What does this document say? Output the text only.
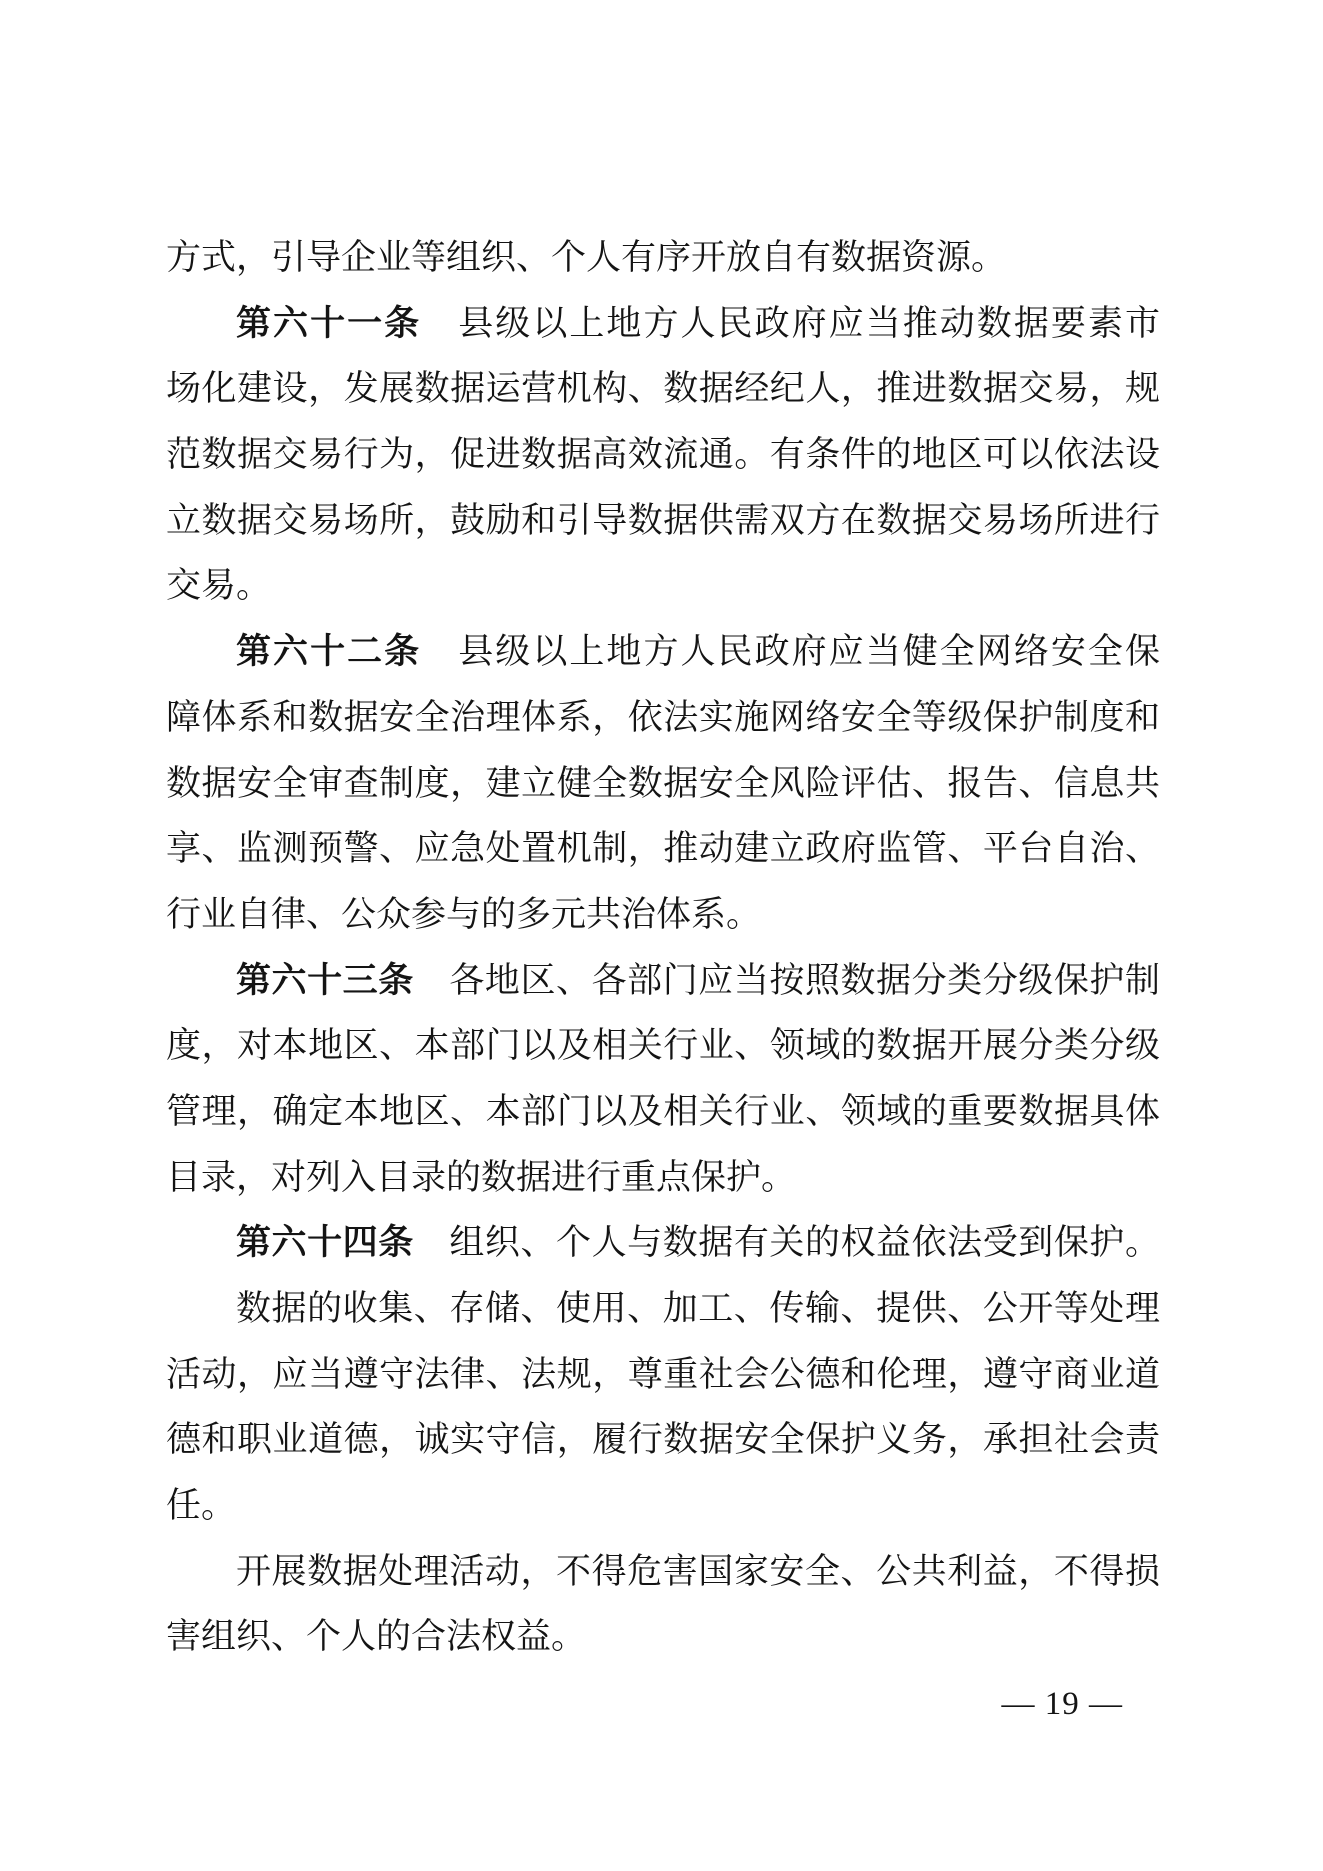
方式，引导企业等组织、个人有序开放自有数据资源。
第六十一条　县级以上地方人民政府应当推动数据要素市
场化建设，发展数据运营机构、数据经纪人，推进数据交易，规
范数据交易行为，促进数据高效流通。有条件的地区可以依法设
立数据交易场所，鼓励和引导数据供需双方在数据交易场所进行
交易。
第六十二条　县级以上地方人民政府应当健全网络安全保
障体系和数据安全治理体系，依法实施网络安全等级保护制度和
数据安全审查制度，建立健全数据安全风险评估、报告、信息共
享、监测预警、应急处置机制，推动建立政府监管、平台自治、
行业自律、公众参与的多元共治体系。
第六十三条　各地区、各部门应当按照数据分类分级保护制
度，对本地区、本部门以及相关行业、领域的数据开展分类分级
管理，确定本地区、本部门以及相关行业、领域的重要数据具体
目录，对列入目录的数据进行重点保护。
第六十四条　组织、个人与数据有关的权益依法受到保护。
数据的收集、存储、使用、加工、传输、提供、公开等处理
活动，应当遵守法律、法规，尊重社会公德和伦理，遵守商业道
德和职业道德，诚实守信，履行数据安全保护义务，承担社会责
任。
开展数据处理活动，不得危害国家安全、公共利益，不得损
害组织、个人的合法权益。
— 19 —
